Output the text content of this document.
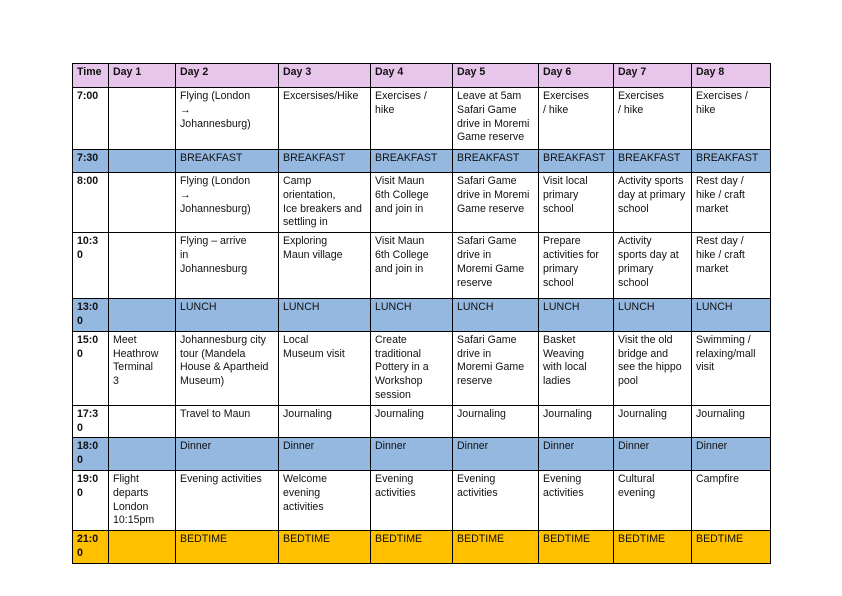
Time	Day 1	Day 2	Day 3	Day 4	Day 5	Day 6	Day 7	Day 8
7:00		Flying (London
→
Johannesburg)	Excersises/Hike	Exercises /
hike	Leave at 5am
Safari Game
drive in Moremi
Game reserve	Exercises
/ hike	Exercises
/ hike	Exercises / hike
7:30		BREAKFAST	BREAKFAST	BREAKFAST	BREAKFAST	BREAKFAST	BREAKFAST	BREAKFAST
8:00		Flying (London
→
Johannesburg)	Camp orientation,
Ice breakers and
settling in	Visit Maun
6th College
and join in	Safari Game
drive in Moremi
Game reserve	Visit local
primary
school	Activity sports
day at primary
school	Rest day /
hike / craft
market
10:30		Flying – arrive
in
Johannesburg	Exploring
Maun village	Visit Maun
6th College
and join in	Safari Game
drive in
Moremi Game
reserve	Prepare
activities for
primary
school	Activity
sports day at
primary
school	Rest day /
hike / craft
market
13:00		LUNCH	LUNCH	LUNCH	LUNCH	LUNCH	LUNCH	LUNCH
15:00	Meet
Heathrow
Terminal
3	Johannesburg city
tour (Mandela
House & Apartheid
Museum)	Local
Museum visit	Create
traditional
Pottery in a
Workshop
session	Safari Game
drive in
Moremi Game
reserve	Basket
Weaving
with local
ladies	Visit the old
bridge and
see the hippo
pool	Swimming /
relaxing/mall
visit
17:30		Travel to Maun	Journaling	Journaling	Journaling	Journaling	Journaling	Journaling
18:00		Dinner	Dinner	Dinner	Dinner	Dinner	Dinner	Dinner
19:00	Flight
departs
London
10:15pm	Evening activities	Welcome
evening
activities	Evening
activities	Evening
activities	Evening
activities	Cultural
evening	Campfire
21:00		BEDTIME	BEDTIME	BEDTIME	BEDTIME	BEDTIME	BEDTIME	BEDTIME
